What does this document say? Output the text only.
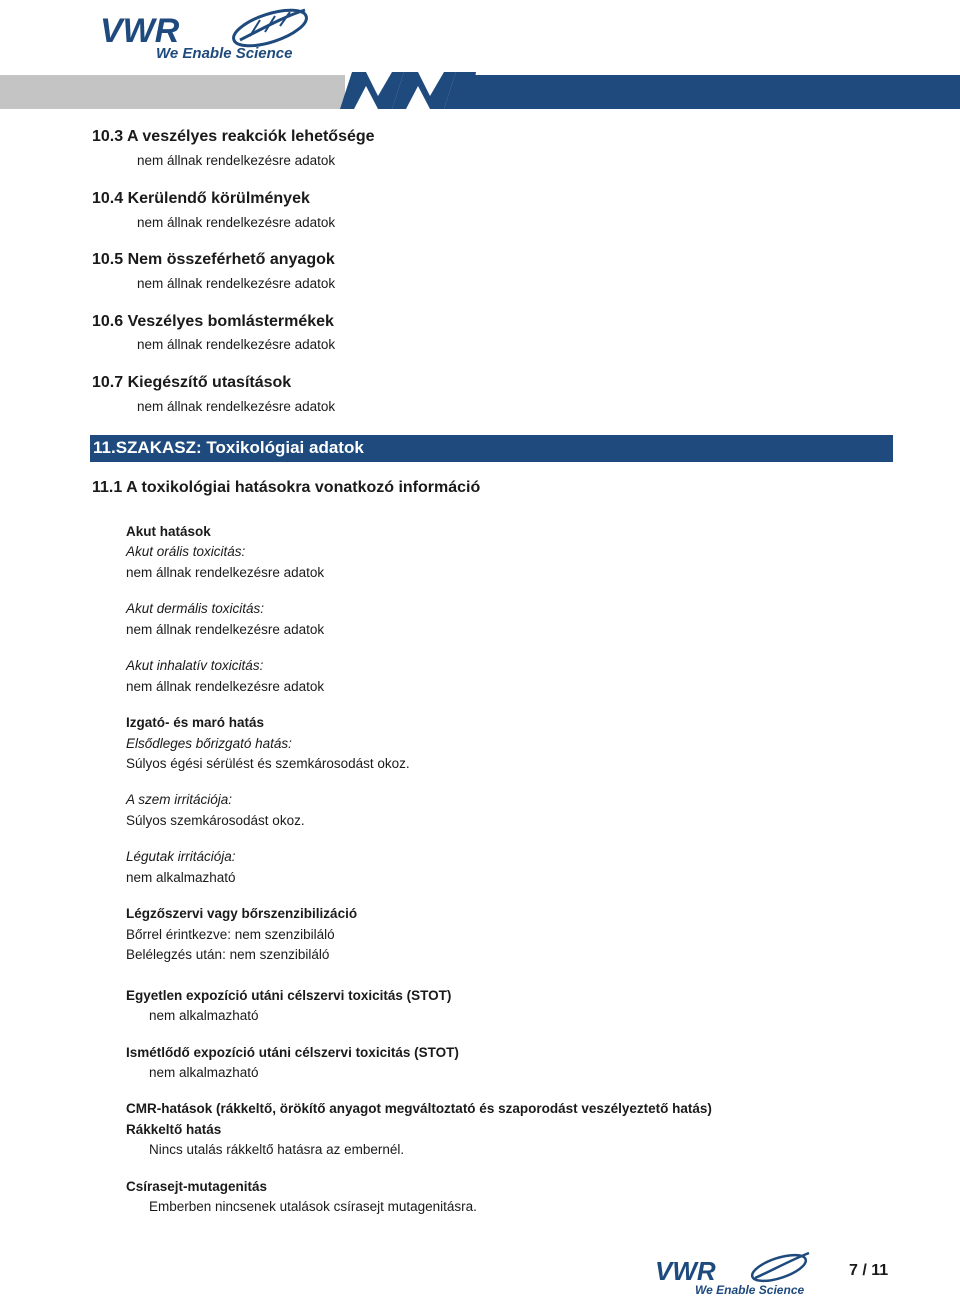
VWR
We Enable Science
10.3 A veszélyes reakciók lehetősége
nem állnak rendelkezésre adatok
10.4 Kerülendő körülmények
nem állnak rendelkezésre adatok
10.5 Nem összeférhető anyagok
nem állnak rendelkezésre adatok
10.6 Veszélyes bomlástermékek
nem állnak rendelkezésre adatok
10.7 Kiegészítő utasítások
nem állnak rendelkezésre adatok
11.SZAKASZ: Toxikológiai adatok
11.1 A toxikológiai hatásokra vonatkozó információ
Akut hatások
Akut orális toxicitás:
nem állnak rendelkezésre adatok
Akut dermális toxicitás:
nem állnak rendelkezésre adatok
Akut inhalatív toxicitás:
nem állnak rendelkezésre adatok
Izgató- és maró hatás
Elsődleges bőrizgató hatás:
Súlyos égési sérülést és szemkárosodást okoz.
A szem irritációja:
Súlyos szemkárosodást okoz.
Légutak irritációja:
nem alkalmazható
Légzőszervi vagy bőrszenzibilizáció
Bőrrel érintkezve: nem szenzibiláló
Belélegzés után: nem szenzibiláló
Egyetlen expozíció utáni célszervi toxicitás (STOT)
nem alkalmazható
Ismétlődő expozíció utáni célszervi toxicitás (STOT)
nem alkalmazható
CMR-hatások (rákkeltő, örökítő anyagot megváltoztató és szaporodást veszélyeztető hatás)
Rákkeltő hatás
Nincs utalás rákkeltő hatásra az embernél.
Csírasejt-mutagenitás
Emberben nincsenek utalások csírasejt mutagenitásra.
VWR
We Enable Science
7 / 11
